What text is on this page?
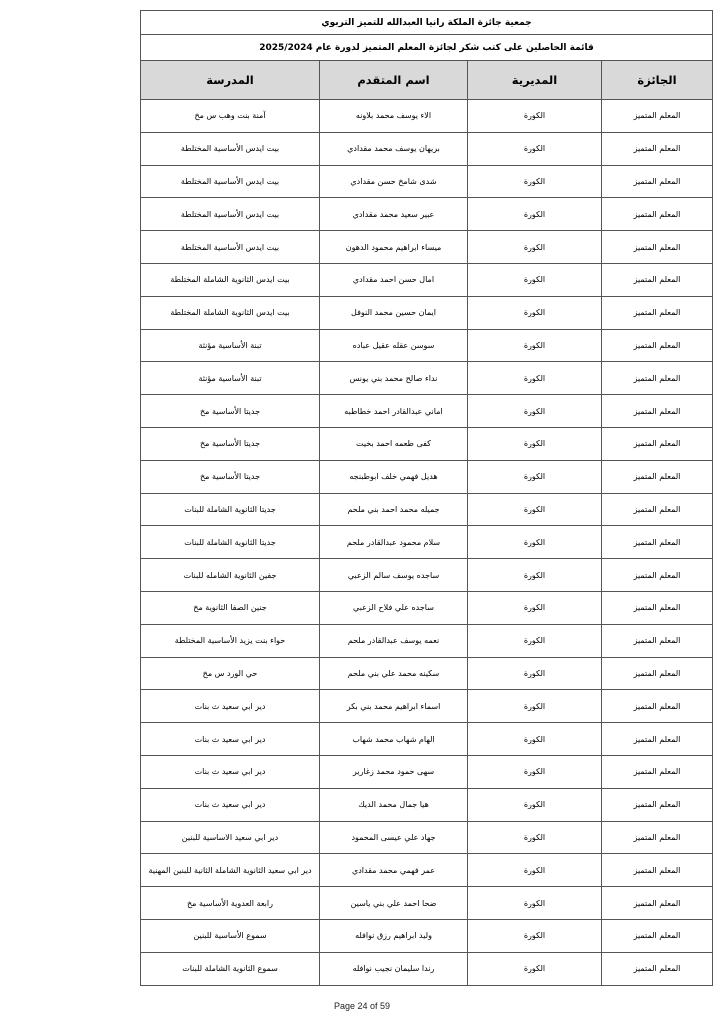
جمعية جائزة الملكة رانيا العبدالله للتميز التربوي			
قائمة الحاصلين على كتب شكر لجائزة المعلم المتميز لدورة عام 2025/2024			
الجائزة	المديرية	اسم المتقدم	المدرسة
المعلم المتميز	الكورة	الاء يوسف محمد بلاونه	آمنة بنت وهب س مخ
المعلم المتميز	الكورة	بريهان يوسف محمد مقدادي	بيت ايدس الأساسية المختلطة
المعلم المتميز	الكورة	شدى شامخ حسن مقدادي	بيت ايدس الأساسية المختلطة
المعلم المتميز	الكورة	عبير سعيد محمد مقدادي	بيت ايدس الأساسية المختلطة
المعلم المتميز	الكورة	ميساء ابراهيم محمود الدهون	بيت ايدس الأساسية المختلطة
المعلم المتميز	الكورة	امال حسن احمد مقدادي	بيت ايدس الثانوية الشاملة المختلطة
المعلم المتميز	الكورة	ايمان حسين محمد النوفل	بيت ايدس الثانوية الشاملة المختلطة
المعلم المتميز	الكورة	سوسن عقله عقيل عباده	تبنة الأساسية مؤنثة
المعلم المتميز	الكورة	نداء صالح محمد بني يونس	تبنة الأساسية مؤنثة
المعلم المتميز	الكورة	اماني عبدالقادر احمد خطاطبه	جديتا الأساسية مخ
المعلم المتميز	الكورة	كفى طعمه احمد بخيت	جديتا الأساسية مخ
المعلم المتميز	الكورة	هديل فهمي خلف ابوطبنجه	جديتا الأساسية مخ
المعلم المتميز	الكورة	جميله محمد احمد بني ملحم	جديتا الثانوية الشاملة للبنات
المعلم المتميز	الكورة	سلام محمود عبدالقادر ملحم	جديتا الثانوية الشاملة للبنات
المعلم المتميز	الكورة	ساجده يوسف سالم الزعبي	جفين الثانوية الشامله للبنات
المعلم المتميز	الكورة	ساجده علي فلاح الزعبي	جنين الصفا الثانوية مخ
المعلم المتميز	الكورة	نعمه يوسف عبدالقادر ملحم	حواء بنت يزيد الأساسية المختلطة
المعلم المتميز	الكورة	سكينه محمد علي بني ملحم	حي الورد س مخ
المعلم المتميز	الكورة	اسماء ابراهيم محمد بني بكر	دير ابي سعيد ث بنات
المعلم المتميز	الكورة	الهام شهاب محمد شهاب	دير ابي سعيد ث بنات
المعلم المتميز	الكورة	سهى حمود محمد زغارير	دير ابي سعيد ث بنات
المعلم المتميز	الكورة	هيا جمال محمد الديك	دير ابي سعيد ث بنات
المعلم المتميز	الكورة	جهاد علي عيسى المحمود	دير ابي سعيد الاساسية للبنين
المعلم المتميز	الكورة	عمر فهمي محمد مقدادي	دير ابي سعيد الثانوية الشاملة الثانية للبنين المهنية
المعلم المتميز	الكورة	ضحا احمد علي بني ياسين	رابعة العدوية الأساسية مخ
المعلم المتميز	الكورة	وليد ابراهيم رزق نوافله	سموع الأساسية للبنين
المعلم المتميز	الكورة	رندا سليمان نجيب نوافله	سموع الثانوية الشاملة للبنات
Page 24 of 59
